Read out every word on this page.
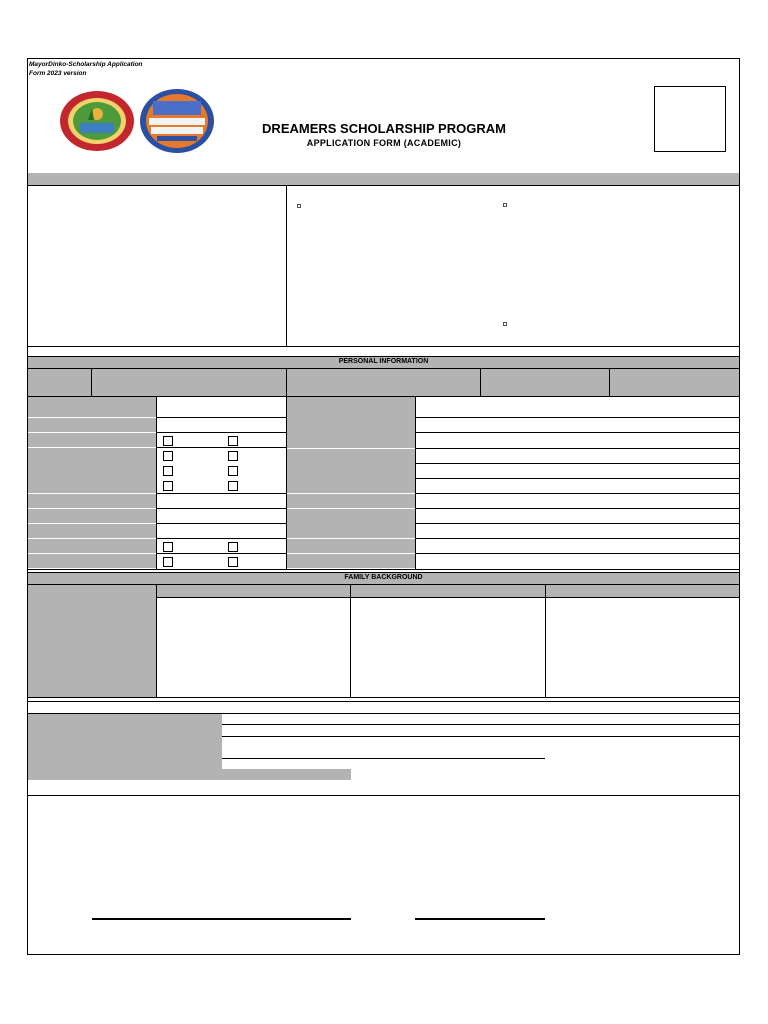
MayorDinko-Scholarship Application
Form 2023 version
DREAMERS SCHOLARSHIP PROGRAM
APPLICATION FORM (ACADEMIC)
PERSONAL INFORMATION
FAMILY BACKGROUND
